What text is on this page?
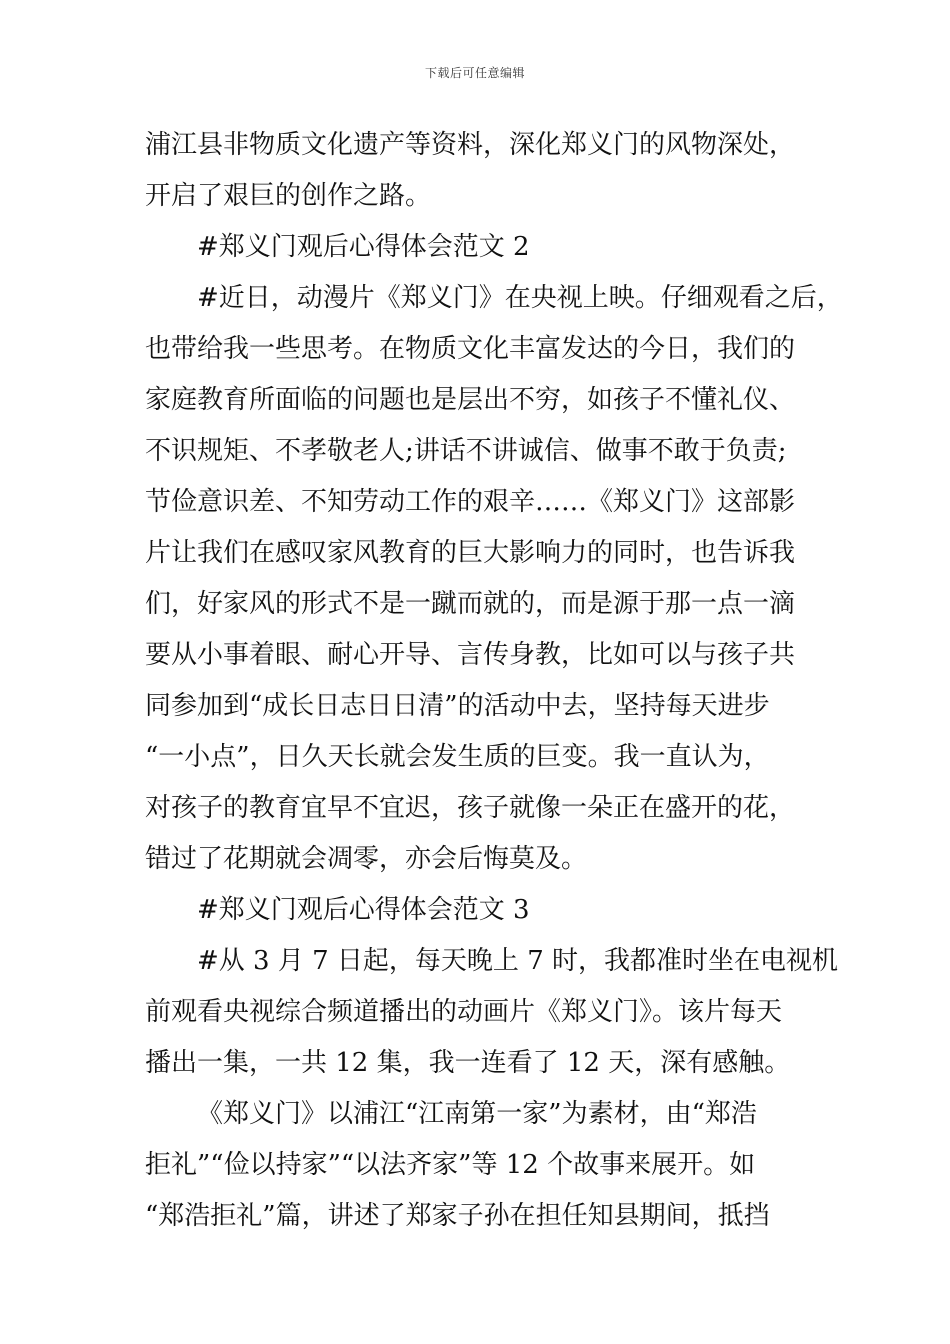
下载后可任意编辑
浦江县非物质文化遗产等资料，深化郑义门的风物深处，
开启了艰巨的创作之路。
#郑义门观后心得体会范文 2
#近日，动漫片《郑义门》在央视上映。仔细观看之后，
也带给我一些思考。在物质文化丰富发达的今日，我们的
家庭教育所面临的问题也是层出不穷，如孩子不懂礼仪、
不识规矩、不孝敬老人;讲话不讲诚信、做事不敢于负责;
节俭意识差、不知劳动工作的艰辛……《郑义门》这部影
片让我们在感叹家风教育的巨大影响力的同时，也告诉我
们，好家风的形式不是一蹴而就的，而是源于那一点一滴
要从小事着眼、耐心开导、言传身教，比如可以与孩子共
同参加到“成长日志日日清”的活动中去，坚持每天进步
“一小点”，日久天长就会发生质的巨变。我一直认为，
对孩子的教育宜早不宜迟，孩子就像一朵正在盛开的花，
错过了花期就会凋零，亦会后悔莫及。
#郑义门观后心得体会范文 3
#从 3 月 7 日起，每天晚上 7 时，我都准时坐在电视机
前观看央视综合频道播出的动画片《郑义门》。该片每天
播出一集，一共 12 集，我一连看了 12 天，深有感触。
《郑义门》以浦江“江南第一家”为素材，由“郑浩
拒礼”“俭以持家”“以法齐家”等 12 个故事来展开。如
“郑浩拒礼”篇，讲述了郑家子孙在担任知县期间，抵挡
